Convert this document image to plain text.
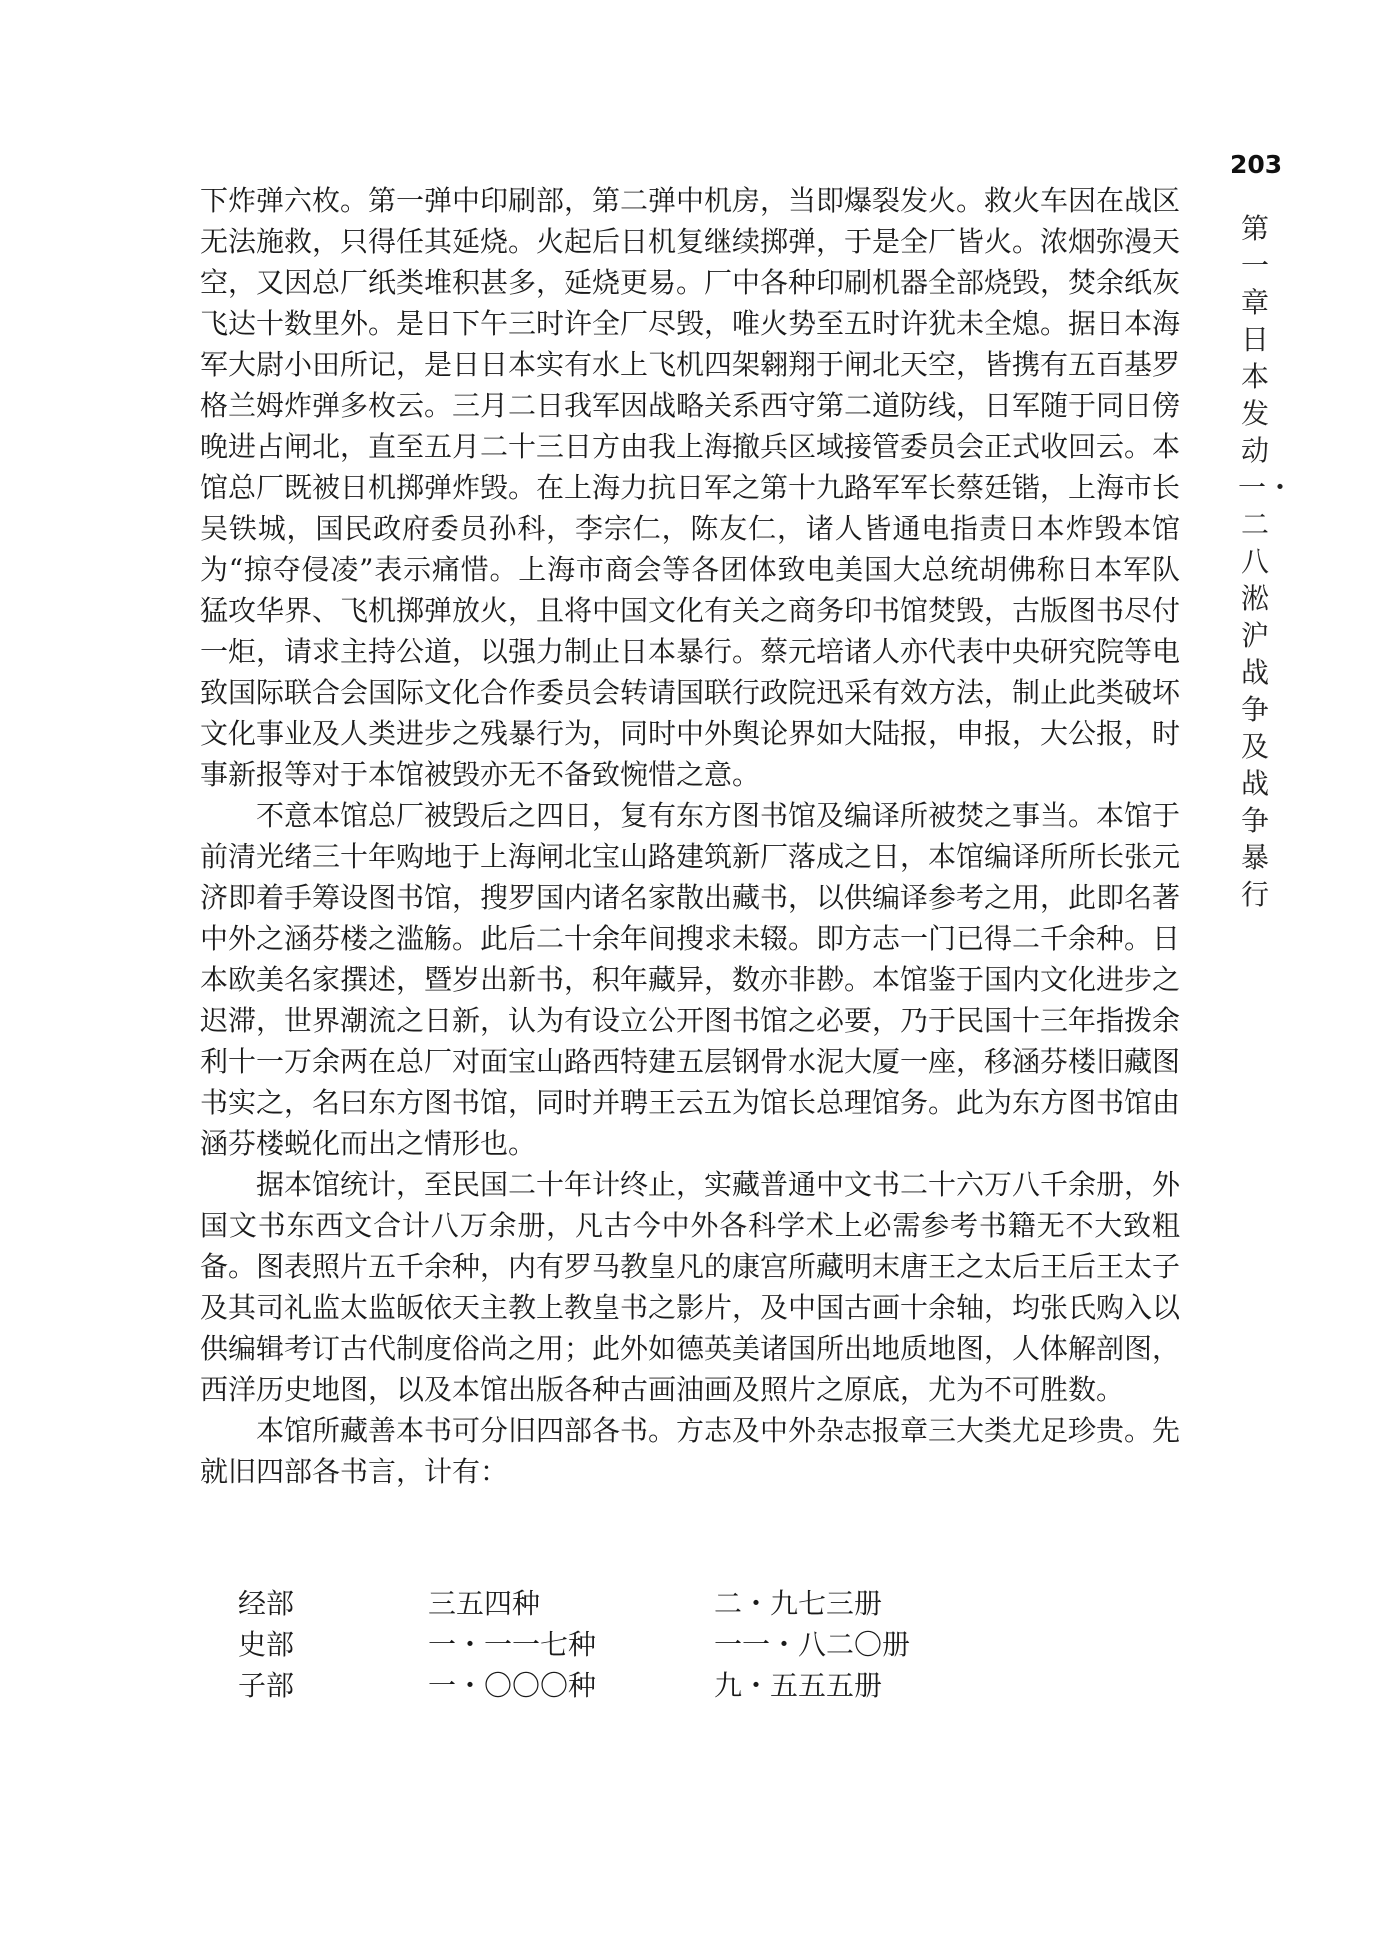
203
第一章 日本发动一・二八淞沪战争及战争暴行

下炸弹六枚。第一弹中印刷部，第二弹中机房，当即爆裂发火。救火车因在战区无法施救，只得任其延烧。火起后日机复继续掷弹，于是全厂皆火。浓烟弥漫天空，又因总厂纸类堆积甚多，延烧更易。厂中各种印刷机器全部烧毁，焚余纸灰飞达十数里外。是日下午三时许全厂尽毁，唯火势至五时许犹未全熄。据日本海军大尉小田所记，是日日本实有水上飞机四架翱翔于闸北天空，皆携有五百基罗格兰姆炸弹多枚云。三月二日我军因战略关系西守第二道防线，日军随于同日傍晚进占闸北，直至五月二十三日方由我上海撤兵区域接管委员会正式收回云。本馆总厂既被日机掷弹炸毁。在上海力抗日军之第十九路军军长蔡廷锴，上海市长吴铁城，国民政府委员孙科，李宗仁，陈友仁，诸人皆通电指责日本炸毁本馆为“掠夺侵凌”表示痛惜。上海市商会等各团体致电美国大总统胡佛称日本军队猛攻华界、飞机掷弹放火，且将中国文化有关之商务印书馆焚毁，古版图书尽付一炬，请求主持公道，以强力制止日本暴行。蔡元培诸人亦代表中央研究院等电致国际联合会国际文化合作委员会转请国联行政院迅采有效方法，制止此类破坏文化事业及人类进步之残暴行为，同时中外舆论界如大陆报，申报，大公报，时事新报等对于本馆被毁亦无不备致惋惜之意。

不意本馆总厂被毁后之四日，复有东方图书馆及编译所被焚之事当。本馆于前清光绪三十年购地于上海闸北宝山路建筑新厂落成之日，本馆编译所所长张元济即着手筹设图书馆，搜罗国内诸名家散出藏书，以供编译参考之用，此即名著中外之涵芬楼之滥觞。此后二十余年间搜求未辍。即方志一门已得二千余种。日本欧美名家撰述，暨岁出新书，积年藏异，数亦非尠。本馆鉴于国内文化进步之迟滞，世界潮流之日新，认为有设立公开图书馆之必要，乃于民国十三年指拨余利十一万余两在总厂对面宝山路西特建五层钢骨水泥大厦一座，移涵芬楼旧藏图书实之，名曰东方图书馆，同时并聘王云五为馆长总理馆务。此为东方图书馆由涵芬楼蜕化而出之情形也。

据本馆统计，至民国二十年计终止，实藏普通中文书二十六万八千余册，外国文书东西文合计八万余册，凡古今中外各科学术上必需参考书籍无不大致粗备。图表照片五千余种，内有罗马教皇凡的康宫所藏明末唐王之太后王后王太子及其司礼监太监皈依天主教上教皇书之影片，及中国古画十余轴，均张氏购入以供编辑考订古代制度俗尚之用；此外如德英美诸国所出地质地图，人体解剖图，西洋历史地图，以及本馆出版各种古画油画及照片之原底，尤为不可胜数。

本馆所藏善本书可分旧四部各书。方志及中外杂志报章三大类尤足珍贵。先就旧四部各书言，计有：

经部	三五四种	二・九七三册
史部	一・一一七种	一一・八二〇册
子部	一・〇〇〇种	九・五五五册
